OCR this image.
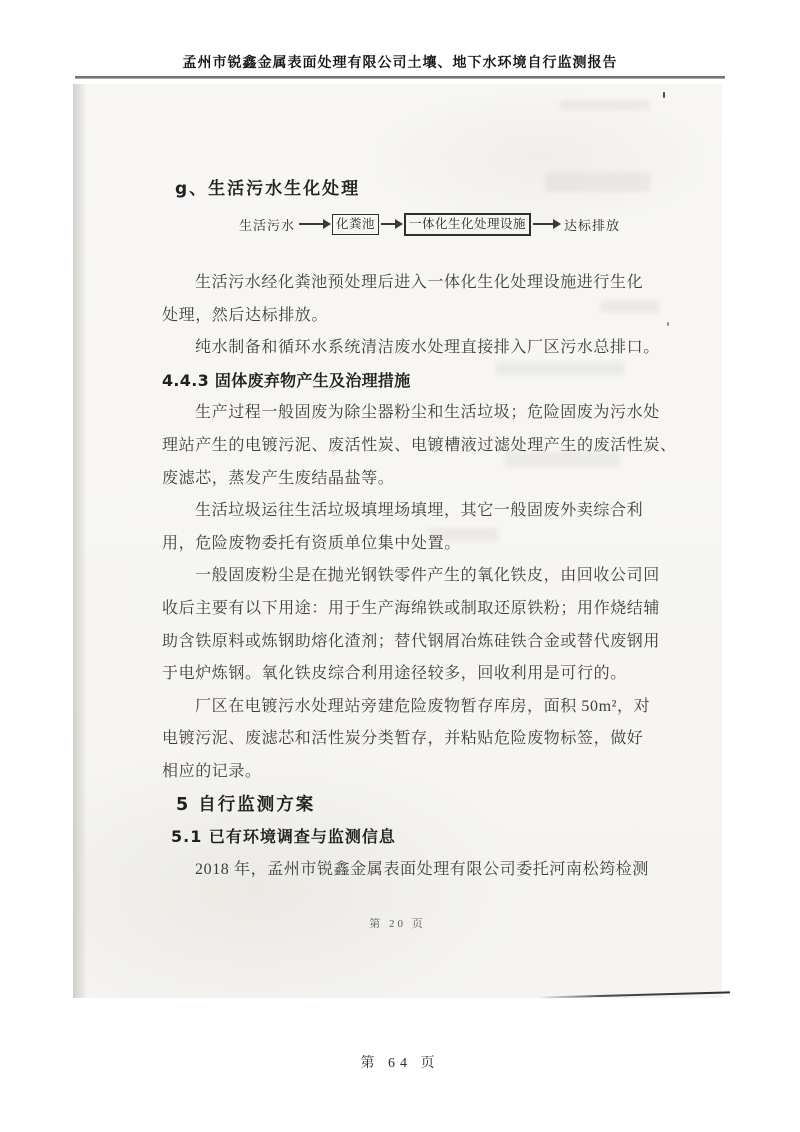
孟州市锐鑫金属表面处理有限公司土壤、地下水环境自行监测报告
g、生活污水生化处理
生活污水	化粪池	一体化生化处理设施	达标排放
生活污水经化粪池预处理后进入一体化生化处理设施进行生化
处理，然后达标排放。
纯水制备和循环水系统清洁废水处理直接排入厂区污水总排口。
4.4.3 固体废弃物产生及治理措施
生产过程一般固废为除尘器粉尘和生活垃圾；危险固废为污水处
理站产生的电镀污泥、废活性炭、电镀槽液过滤处理产生的废活性炭、
废滤芯，蒸发产生废结晶盐等。
生活垃圾运往生活垃圾填埋场填埋，其它一般固废外卖综合利
用，危险废物委托有资质单位集中处置。
一般固废粉尘是在抛光钢铁零件产生的氧化铁皮，由回收公司回
收后主要有以下用途：用于生产海绵铁或制取还原铁粉；用作烧结辅
助含铁原料或炼钢助熔化渣剂；替代钢屑冶炼硅铁合金或替代废钢用
于电炉炼钢。氧化铁皮综合利用途径较多，回收利用是可行的。
厂区在电镀污水处理站旁建危险废物暂存库房，面积 50m²，对
电镀污泥、废滤芯和活性炭分类暂存，并粘贴危险废物标签，做好
相应的记录。
5 自行监测方案
5.1 已有环境调查与监测信息
2018 年，孟州市锐鑫金属表面处理有限公司委托河南松筠检测
第 20 页
第 64 页
